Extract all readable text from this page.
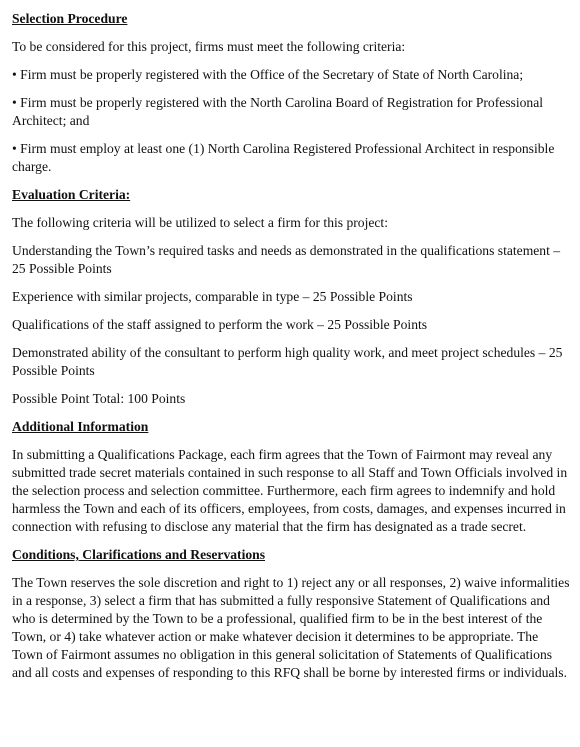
Selection Procedure
To be considered for this project, firms must meet the following criteria:
• Firm must be properly registered with the Office of the Secretary of State of North Carolina;
• Firm must be properly registered with the North Carolina Board of Registration for Professional Architect; and
• Firm must employ at least one (1) North Carolina Registered Professional Architect in responsible charge.
Evaluation Criteria:
The following criteria will be utilized to select a firm for this project:
Understanding the Town’s required tasks and needs as demonstrated in the qualifications statement – 25 Possible Points
Experience with similar projects, comparable in type – 25 Possible Points
Qualifications of the staff assigned to perform the work – 25 Possible Points
Demonstrated ability of the consultant to perform high quality work, and meet project schedules – 25 Possible Points
Possible Point Total: 100 Points
Additional Information
In submitting a Qualifications Package, each firm agrees that the Town of Fairmont may reveal any submitted trade secret materials contained in such response to all Staff and Town Officials involved in the selection process and selection committee. Furthermore, each firm agrees to indemnify and hold harmless the Town and each of its officers, employees, from costs, damages, and expenses incurred in connection with refusing to disclose any material that the firm has designated as a trade secret.
Conditions, Clarifications and Reservations
The Town reserves the sole discretion and right to 1) reject any or all responses, 2) waive informalities in a response, 3) select a firm that has submitted a fully responsive Statement of Qualifications and who is determined by the Town to be a professional, qualified firm to be in the best interest of the Town, or 4) take whatever action or make whatever decision it determines to be appropriate. The Town of Fairmont assumes no obligation in this general solicitation of Statements of Qualifications and all costs and expenses of responding to this RFQ shall be borne by interested firms or individuals.
